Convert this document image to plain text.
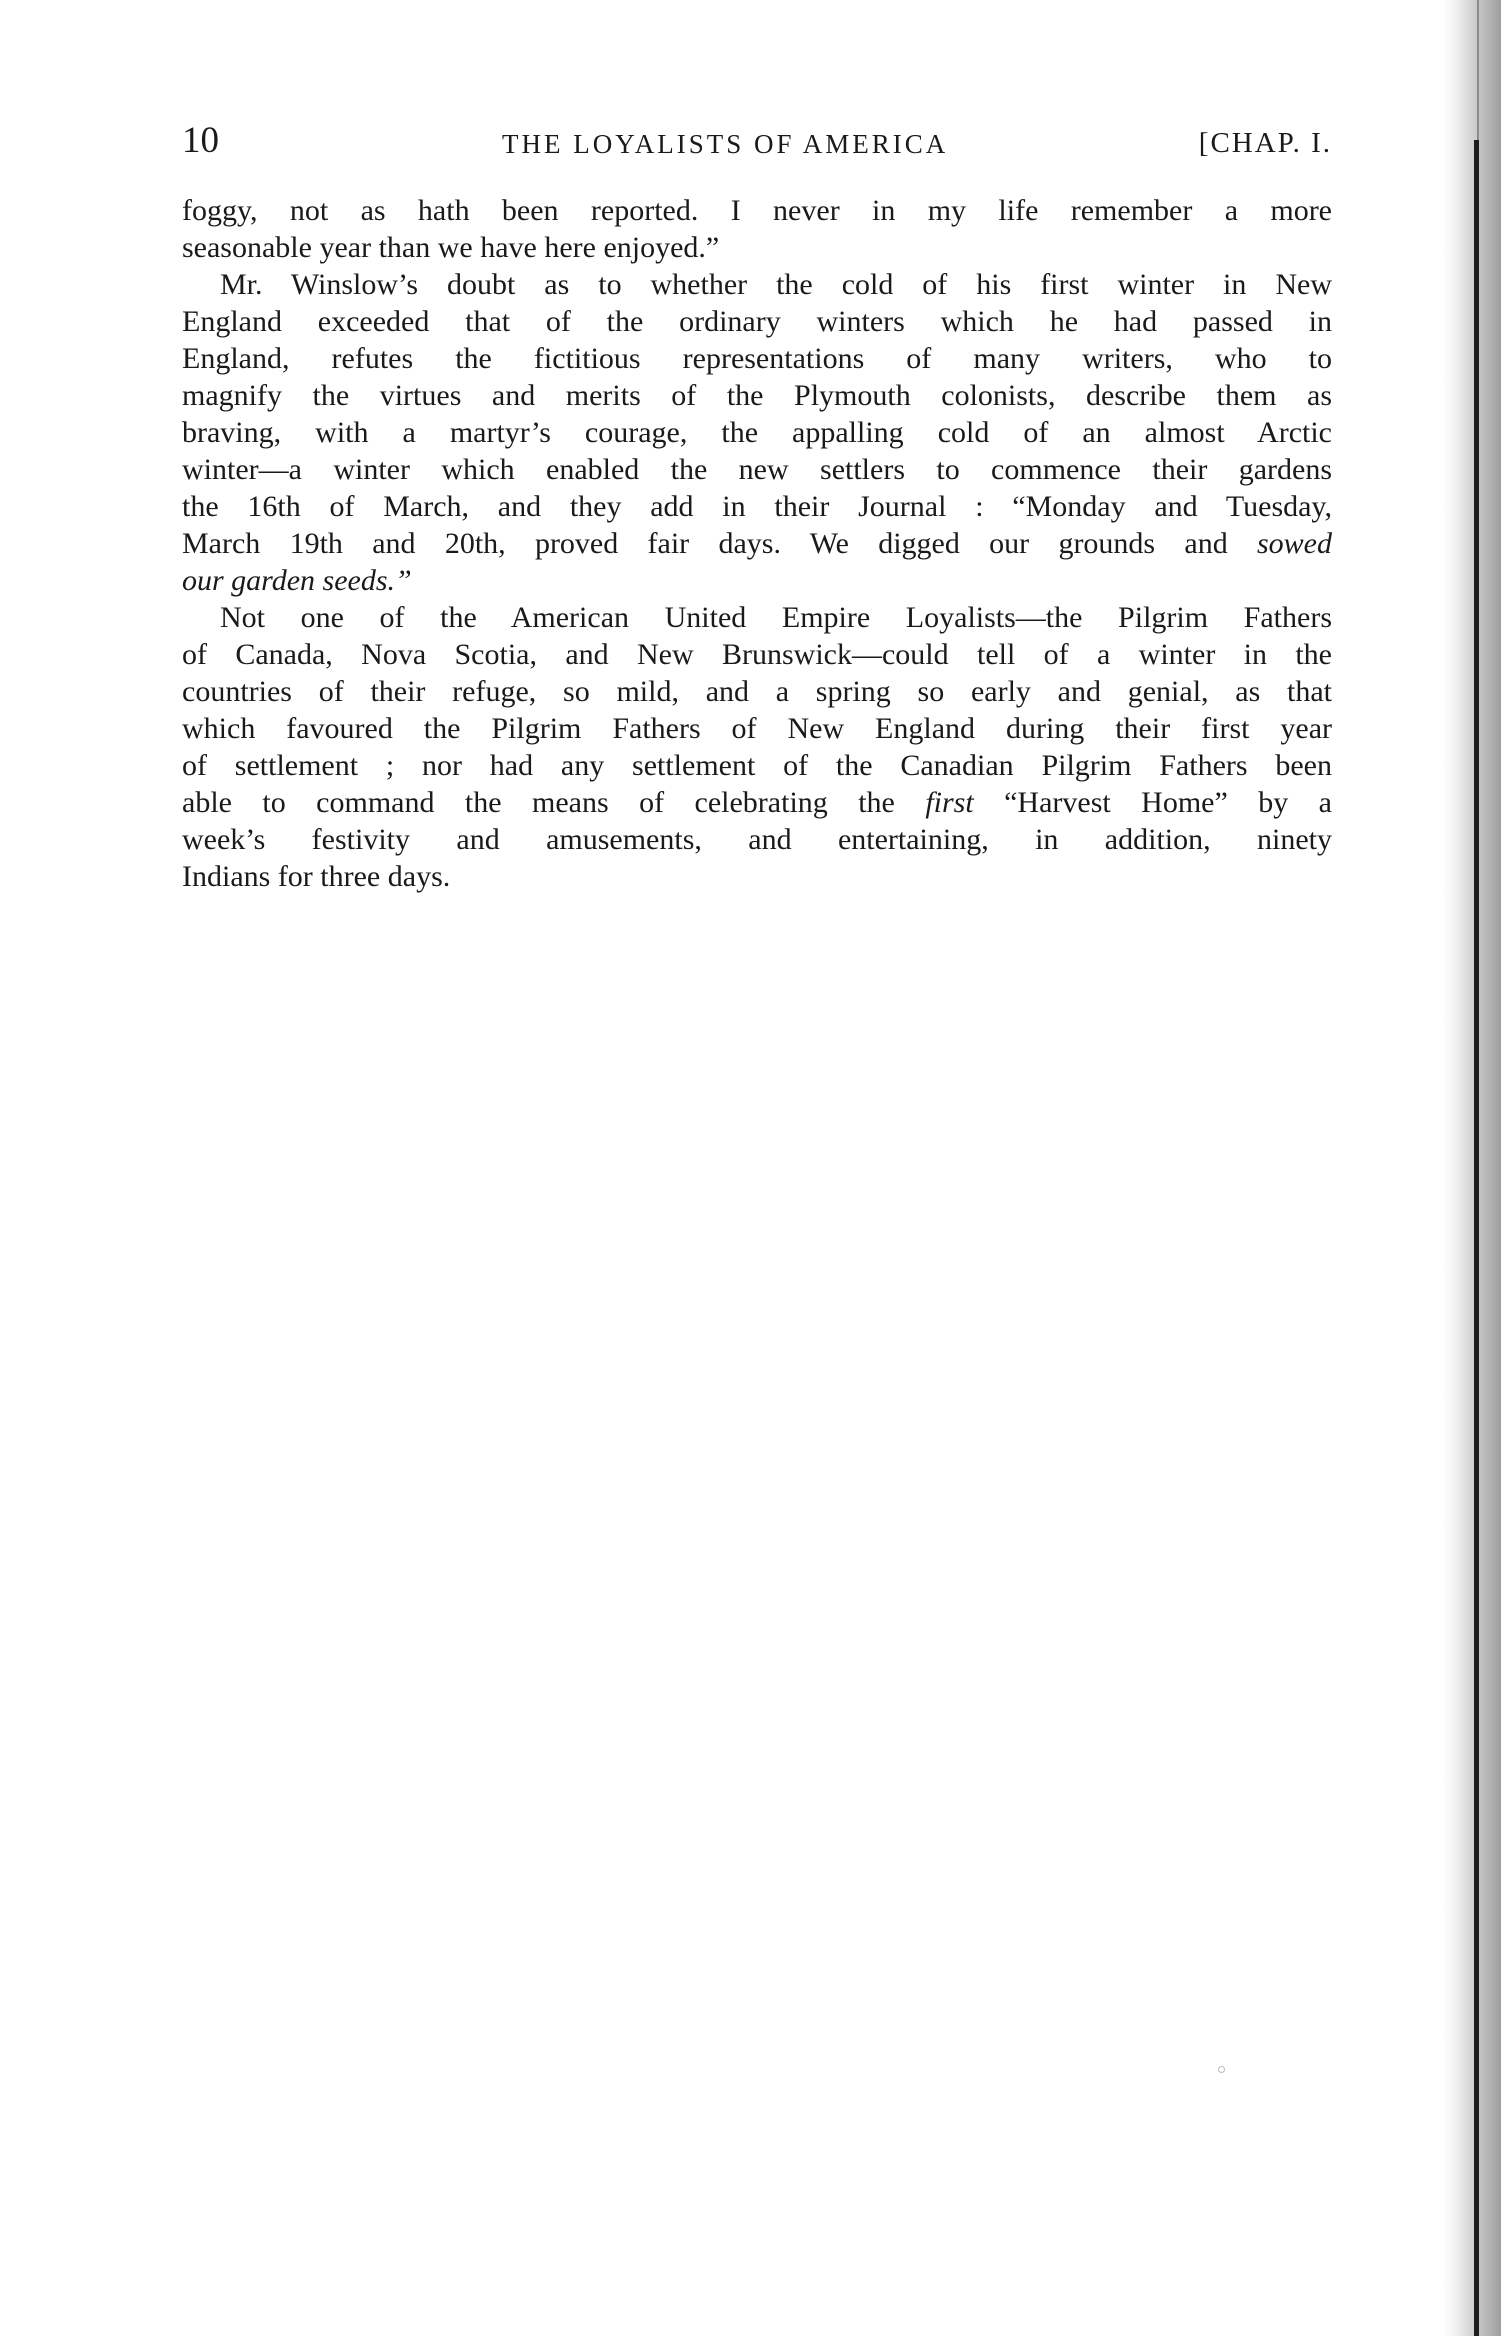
10	THE LOYALISTS OF AMERICA	[CHAP. I.
foggy, not as hath been reported. I never in my life remember a more
seasonable year than we have here enjoyed.”
Mr. Winslow’s doubt as to whether the cold of his first winter in New
England exceeded that of the ordinary winters which he had passed in
England, refutes the fictitious representations of many writers, who to
magnify the virtues and merits of the Plymouth colonists, describe them as
braving, with a martyr’s courage, the appalling cold of an almost Arctic
winter—a winter which enabled the new settlers to commence their gardens
the 16th of March, and they add in their Journal : “Monday and Tuesday,
March 19th and 20th, proved fair days. We digged our grounds and sowed
our garden seeds.”
Not one of the American United Empire Loyalists—the Pilgrim Fathers
of Canada, Nova Scotia, and New Brunswick—could tell of a winter in the
countries of their refuge, so mild, and a spring so early and genial, as that
which favoured the Pilgrim Fathers of New England during their first year
of settlement ; nor had any settlement of the Canadian Pilgrim Fathers been
able to command the means of celebrating the first “Harvest Home” by a
week’s festivity and amusements, and entertaining, in addition, ninety
Indians for three days.
